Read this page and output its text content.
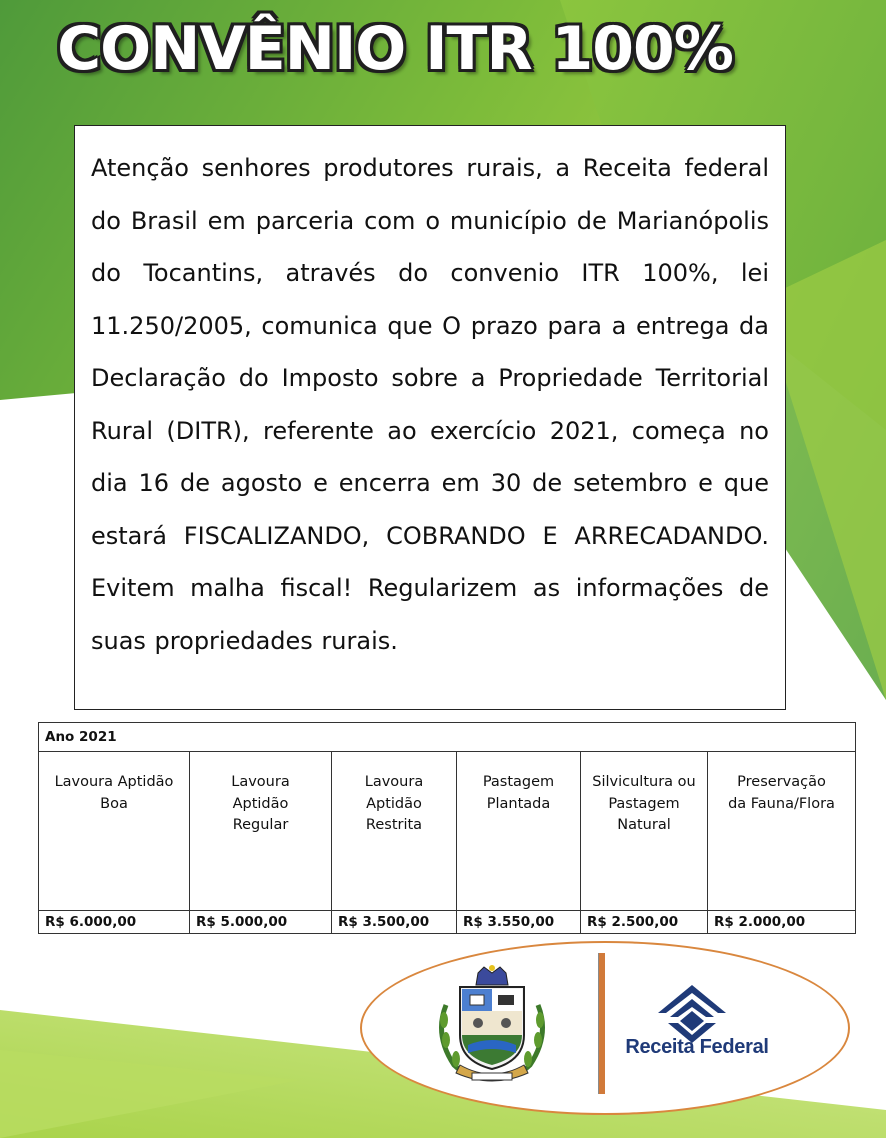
CONVÊNIO ITR 100%
Atenção senhores produtores rurais, a Receita federal do Brasil em parceria com o município de Marianópolis do Tocantins, através do convenio ITR 100%, lei 11.250/2005, comunica que O prazo para a entrega da Declaração do Imposto sobre a Propriedade Territorial Rural (DITR), referente ao exercício 2021, começa no dia 16 de agosto e encerra em 30 de setembro e que estará FISCALIZANDO, COBRANDO E ARRECADANDO. Evitem malha fiscal! Regularizem as informações de suas propriedades rurais.
Ano 2021					
Lavoura Aptidão Boa	Lavoura Aptidão Regular	Lavoura Aptidão Restrita	Pastagem Plantada	Silvicultura ou Pastagem Natural	Preservação da Fauna/Flora
R$ 6.000,00	R$ 5.000,00	R$ 3.500,00	R$ 3.550,00	R$ 2.500,00	R$ 2.000,00
Receita Federal
